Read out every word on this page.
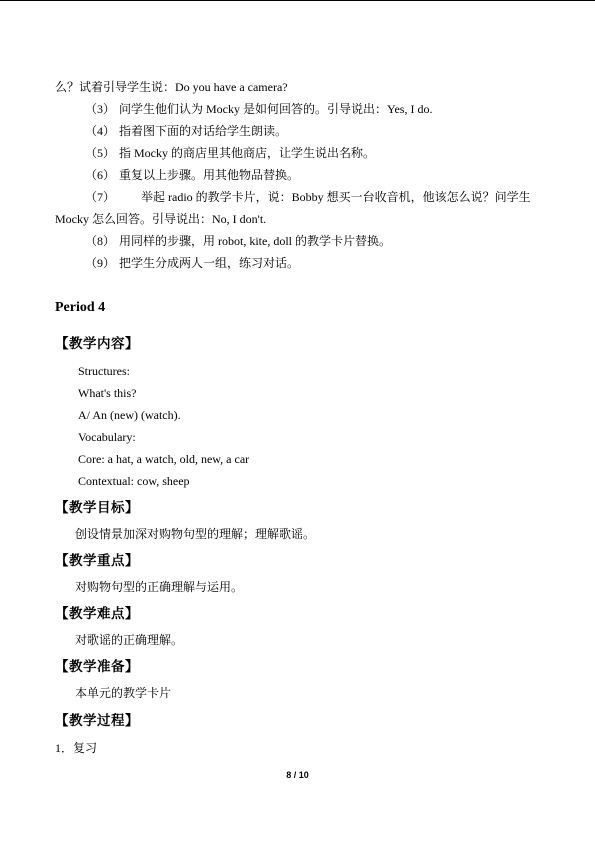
么？试着引导学生说：Do you have a camera?
（3） 问学生他们认为 Mocky 是如何回答的。引导说出：Yes, I do.
（4） 指着图下面的对话给学生朗读。
（5） 指 Mocky 的商店里其他商店，让学生说出名称。
（6） 重复以上步骤。用其他物品替换。
（7） 举起 radio 的教学卡片，说：Bobby 想买一台收音机，他该怎么说？问学生
Mocky 怎么回答。引导说出：No, I don't.
（8） 用同样的步骤，用 robot, kite, doll 的教学卡片替换。
（9） 把学生分成两人一组，练习对话。
Period 4
【教学内容】
Structures:
What's this?
A/ An (new) (watch).
Vocabulary:
Core: a hat, a watch, old, new, a car
Contextual: cow, sheep
【教学目标】
创设情景加深对购物句型的理解；理解歌谣。
【教学重点】
对购物句型的正确理解与运用。
【教学难点】
对歌谣的正确理解。
【教学准备】
本单元的教学卡片
【教学过程】
1．复习
8 / 10
